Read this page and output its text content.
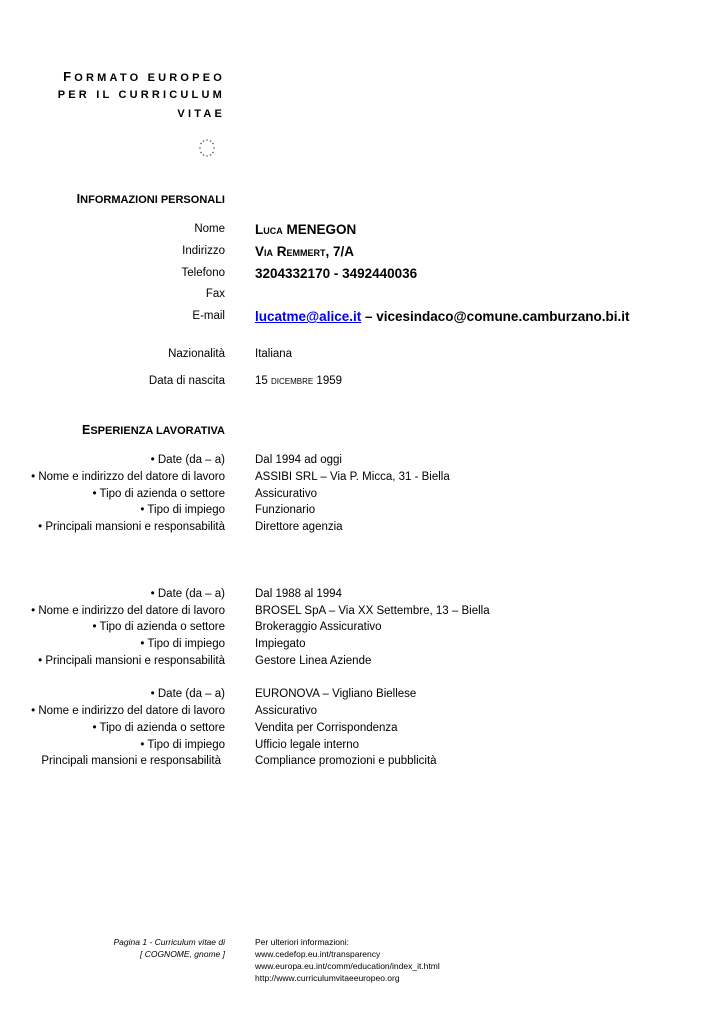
FORMATO EUROPEO
PER IL CURRICULUM
VITAE
INFORMAZIONI PERSONALI
Nome Luca MENEGON
Indirizzo Via Remmert, 7/A
Telefono 3204332170 - 3492440036
Fax
E-mail lucatme@alice.it – vicesindaco@comune.camburzano.bi.it
Nazionalità	Italiana
Data di nascita	15 dicembre 1959
ESPERIENZA LAVORATIVA
• Date (da – a)	Dal 1994 ad oggi
• Nome e indirizzo del datore di lavoro	ASSIBI SRL – Via P. Micca, 31 - Biella
• Tipo di azienda o settore	Assicurativo
• Tipo di impiego	Funzionario
• Principali mansioni e responsabilità	Direttore agenzia
• Date (da – a)	Dal 1988 al 1994
• Nome e indirizzo del datore di lavoro	BROSEL SpA – Via XX Settembre, 13 – Biella
• Tipo di azienda o settore	Brokeraggio Assicurativo
• Tipo di impiego	Impiegato
• Principali mansioni e responsabilità	Gestore Linea Aziende
• Date (da – a)	EURONOVA – Vigliano Biellese
• Nome e indirizzo del datore di lavoro	Assicurativo
• Tipo di azienda o settore	Vendita per Corrispondenza
• Tipo di impiego	Ufficio legale interno
Principali mansioni e responsabilità	Compliance promozioni e pubblicità
Pagina 1 - Curriculum vitae di
[ COGNOME, gnome ]
Per ulteriori informazioni:
www.cedefop.eu.int/transparency
www.europa.eu.int/comm/education/index_it.html
http://www.curriculumvitaeeuropeo.org
